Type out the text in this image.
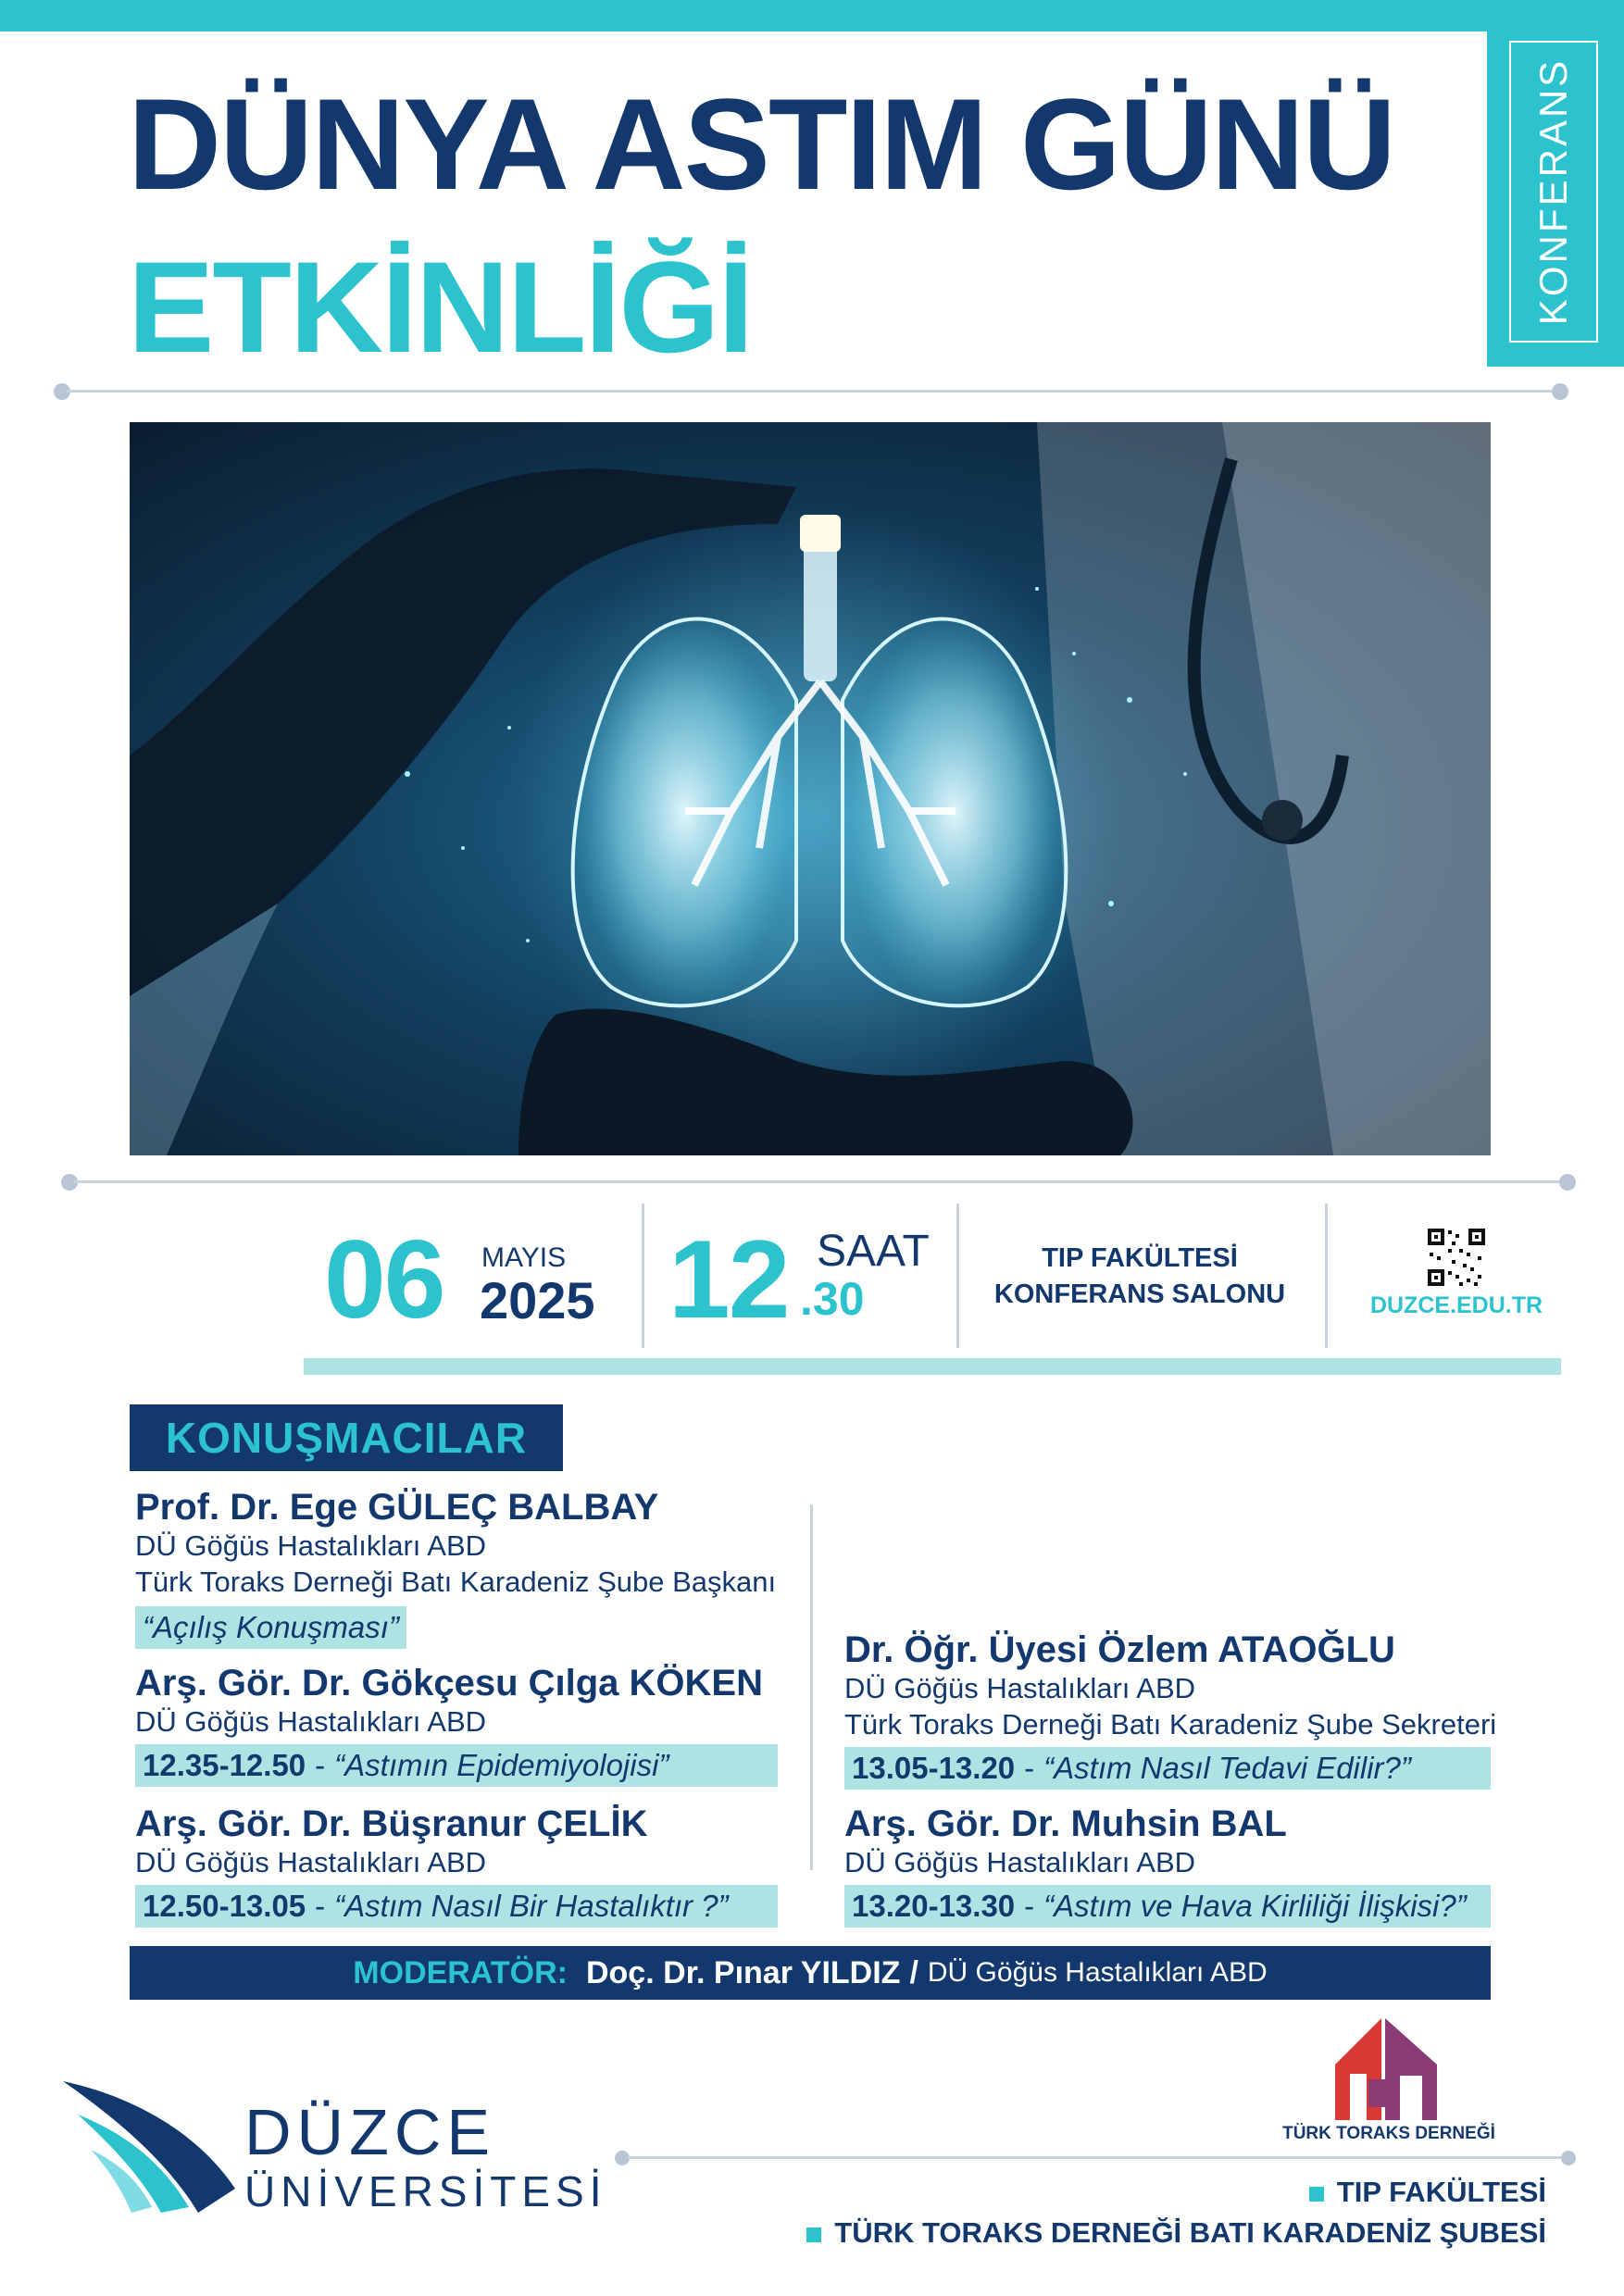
KONFERANS
DÜNYA ASTIM GÜNÜ
ETKİNLİĞİ
06 MAYIS
2025 12 SAAT
.30
TIP FAKÜLTESİ
KONFERANS SALONU	DUZCE.EDU.TR
KONUŞMACILAR
Prof. Dr. Ege GÜLEÇ BALBAY
DÜ Göğüs Hastalıkları ABD
Türk Toraks Derneği Batı Karadeniz Şube Başkanı
“Açılış Konuşması”
Arş. Gör. Dr. Gökçesu Çılga KÖKEN
DÜ Göğüs Hastalıkları ABD
12.35-12.50 - “Astımın Epidemiyolojisi”
Arş. Gör. Dr. Büşranur ÇELİK
DÜ Göğüs Hastalıkları ABD
12.50-13.05 - “Astım Nasıl Bir Hastalıktır ?”
Dr. Öğr. Üyesi Özlem ATAOĞLU
DÜ Göğüs Hastalıkları ABD
Türk Toraks Derneği Batı Karadeniz Şube Sekreteri
13.05-13.20 - “Astım Nasıl Tedavi Edilir?”
Arş. Gör. Dr. Muhsin BAL
DÜ Göğüs Hastalıkları ABD
13.20-13.30 - “Astım ve Hava Kirliliği İlişkisi?”
MODERATÖR: Doç. Dr. Pınar YILDIZ / DÜ Göğüs Hastalıkları ABD
DÜZCE
ÜNİVERSİTESİ
TÜRK TORAKS DERNEĞİ
TIP FAKÜLTESİ
TÜRK TORAKS DERNEĞİ BATI KARADENİZ ŞUBESİ
